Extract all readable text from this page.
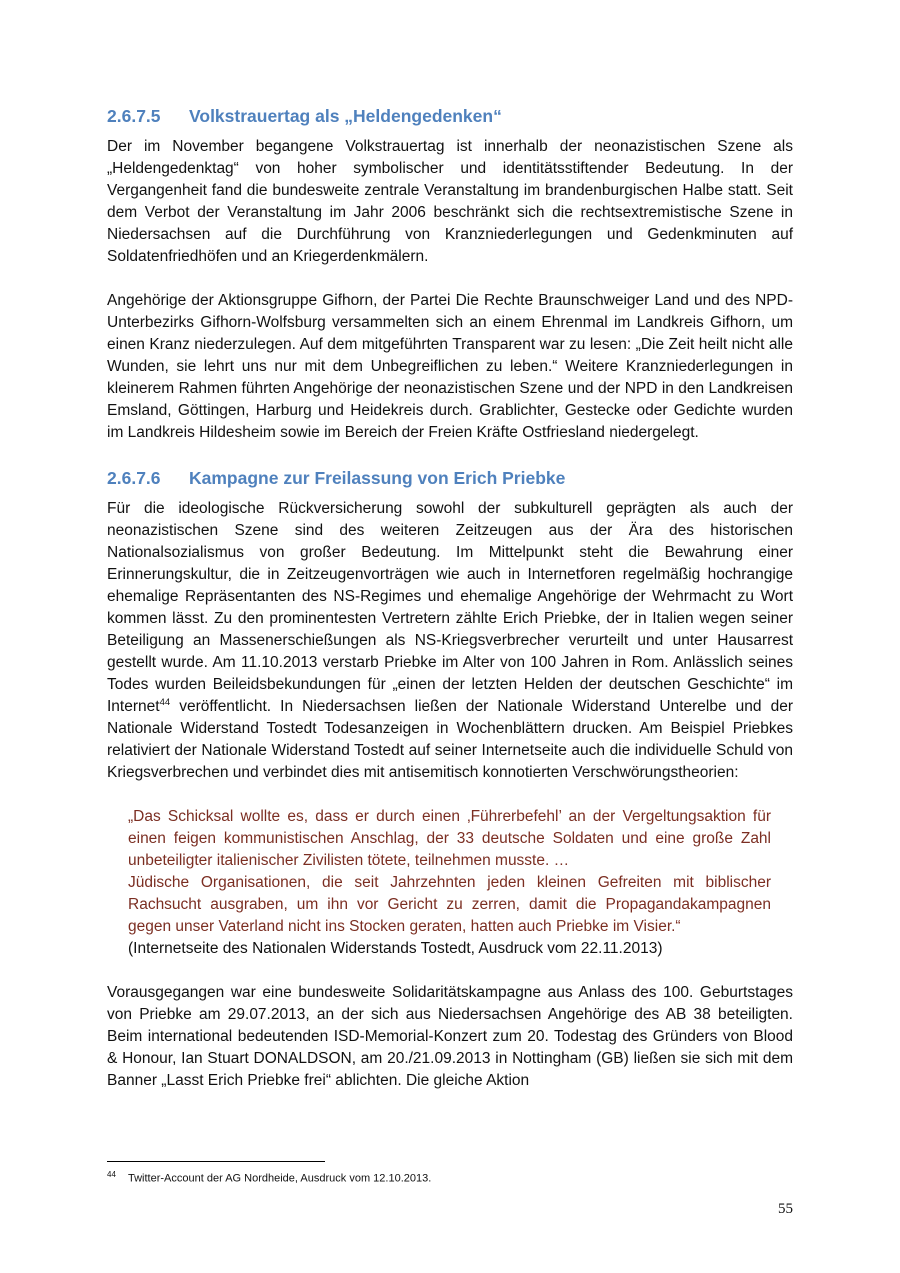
2.6.7.5 Volkstrauertag als „Heldengedenken“

Der im November begangene Volkstrauertag ist innerhalb der neonazistischen Szene als „Heldengedenktag“ von hoher symbolischer und identitätsstiftender Bedeutung. In der Vergangenheit fand die bundesweite zentrale Veranstaltung im brandenburgischen Halbe statt. Seit dem Verbot der Veranstaltung im Jahr 2006 beschränkt sich die rechtsextremistische Szene in Niedersachsen auf die Durchführung von Kranzniederlegungen und Gedenkminuten auf Soldatenfriedhöfen und an Kriegerdenkmälern.

Angehörige der Aktionsgruppe Gifhorn, der Partei Die Rechte Braunschweiger Land und des NPD-Unterbezirks Gifhorn-Wolfsburg versammelten sich an einem Ehrenmal im Landkreis Gifhorn, um einen Kranz niederzulegen. Auf dem mitgeführten Transparent war zu lesen: „Die Zeit heilt nicht alle Wunden, sie lehrt uns nur mit dem Unbegreiflichen zu leben.“ Weitere Kranzniederlegungen in kleinerem Rahmen führten Angehörige der neonazistischen Szene und der NPD in den Landkreisen Emsland, Göttingen, Harburg und Heidekreis durch. Grablichter, Gestecke oder Gedichte wurden im Landkreis Hildesheim sowie im Bereich der Freien Kräfte Ostfriesland niedergelegt.

2.6.7.6 Kampagne zur Freilassung von Erich Priebke

Für die ideologische Rückversicherung sowohl der subkulturell geprägten als auch der neonazistischen Szene sind des weiteren Zeitzeugen aus der Ära des historischen Nationalsozialismus von großer Bedeutung. Im Mittelpunkt steht die Bewahrung einer Erinnerungskultur, die in Zeitzeugenvorträgen wie auch in Internetforen regelmäßig hochrangige ehemalige Repräsentanten des NS-Regimes und ehemalige Angehörige der Wehrmacht zu Wort kommen lässt. Zu den prominentesten Vertretern zählte Erich Priebke, der in Italien wegen seiner Beteiligung an Massenerschießungen als NS-Kriegsverbrecher verurteilt und unter Hausarrest gestellt wurde. Am 11.10.2013 verstarb Priebke im Alter von 100 Jahren in Rom. Anlässlich seines Todes wurden Beileidsbekundungen für „einen der letzten Helden der deutschen Geschichte“ im Internet$^{44}$ veröffentlicht. In Niedersachsen ließen der Nationale Widerstand Unterelbe und der Nationale Widerstand Tostedt Todesanzeigen in Wochenblättern drucken. Am Beispiel Priebkes relativiert der Nationale Widerstand Tostedt auf seiner Internetseite auch die individuelle Schuld von Kriegsverbrechen und verbindet dies mit antisemitisch konnotierten Verschwörungstheorien:

„Das Schicksal wollte es, dass er durch einen ‚Führerbefehl’ an der Vergeltungsaktion für einen feigen kommunistischen Anschlag, der 33 deutsche Soldaten und eine große Zahl unbeteiligter italienischer Zivilisten tötete, teilnehmen musste. …
Jüdische Organisationen, die seit Jahrzehnten jeden kleinen Gefreiten mit biblischer Rachsucht ausgraben, um ihn vor Gericht zu zerren, damit die Propagandakampagnen gegen unser Vaterland nicht ins Stocken geraten, hatten auch Priebke im Visier.“
(Internetseite des Nationalen Widerstands Tostedt, Ausdruck vom 22.11.2013)

Vorausgegangen war eine bundesweite Solidaritätskampagne aus Anlass des 100. Geburtstages von Priebke am 29.07.2013, an der sich aus Niedersachsen Angehörige des AB 38 beteiligten. Beim international bedeutenden ISD-Memorial-Konzert zum 20. Todestag des Gründers von Blood & Honour, Ian Stuart DONALDSON, am 20./21.09.2013 in Nottingham (GB) ließen sie sich mit dem Banner „Lasst Erich Priebke frei“ ablichten. Die gleiche Aktion

44 Twitter-Account der AG Nordheide, Ausdruck vom 12.10.2013.
55
